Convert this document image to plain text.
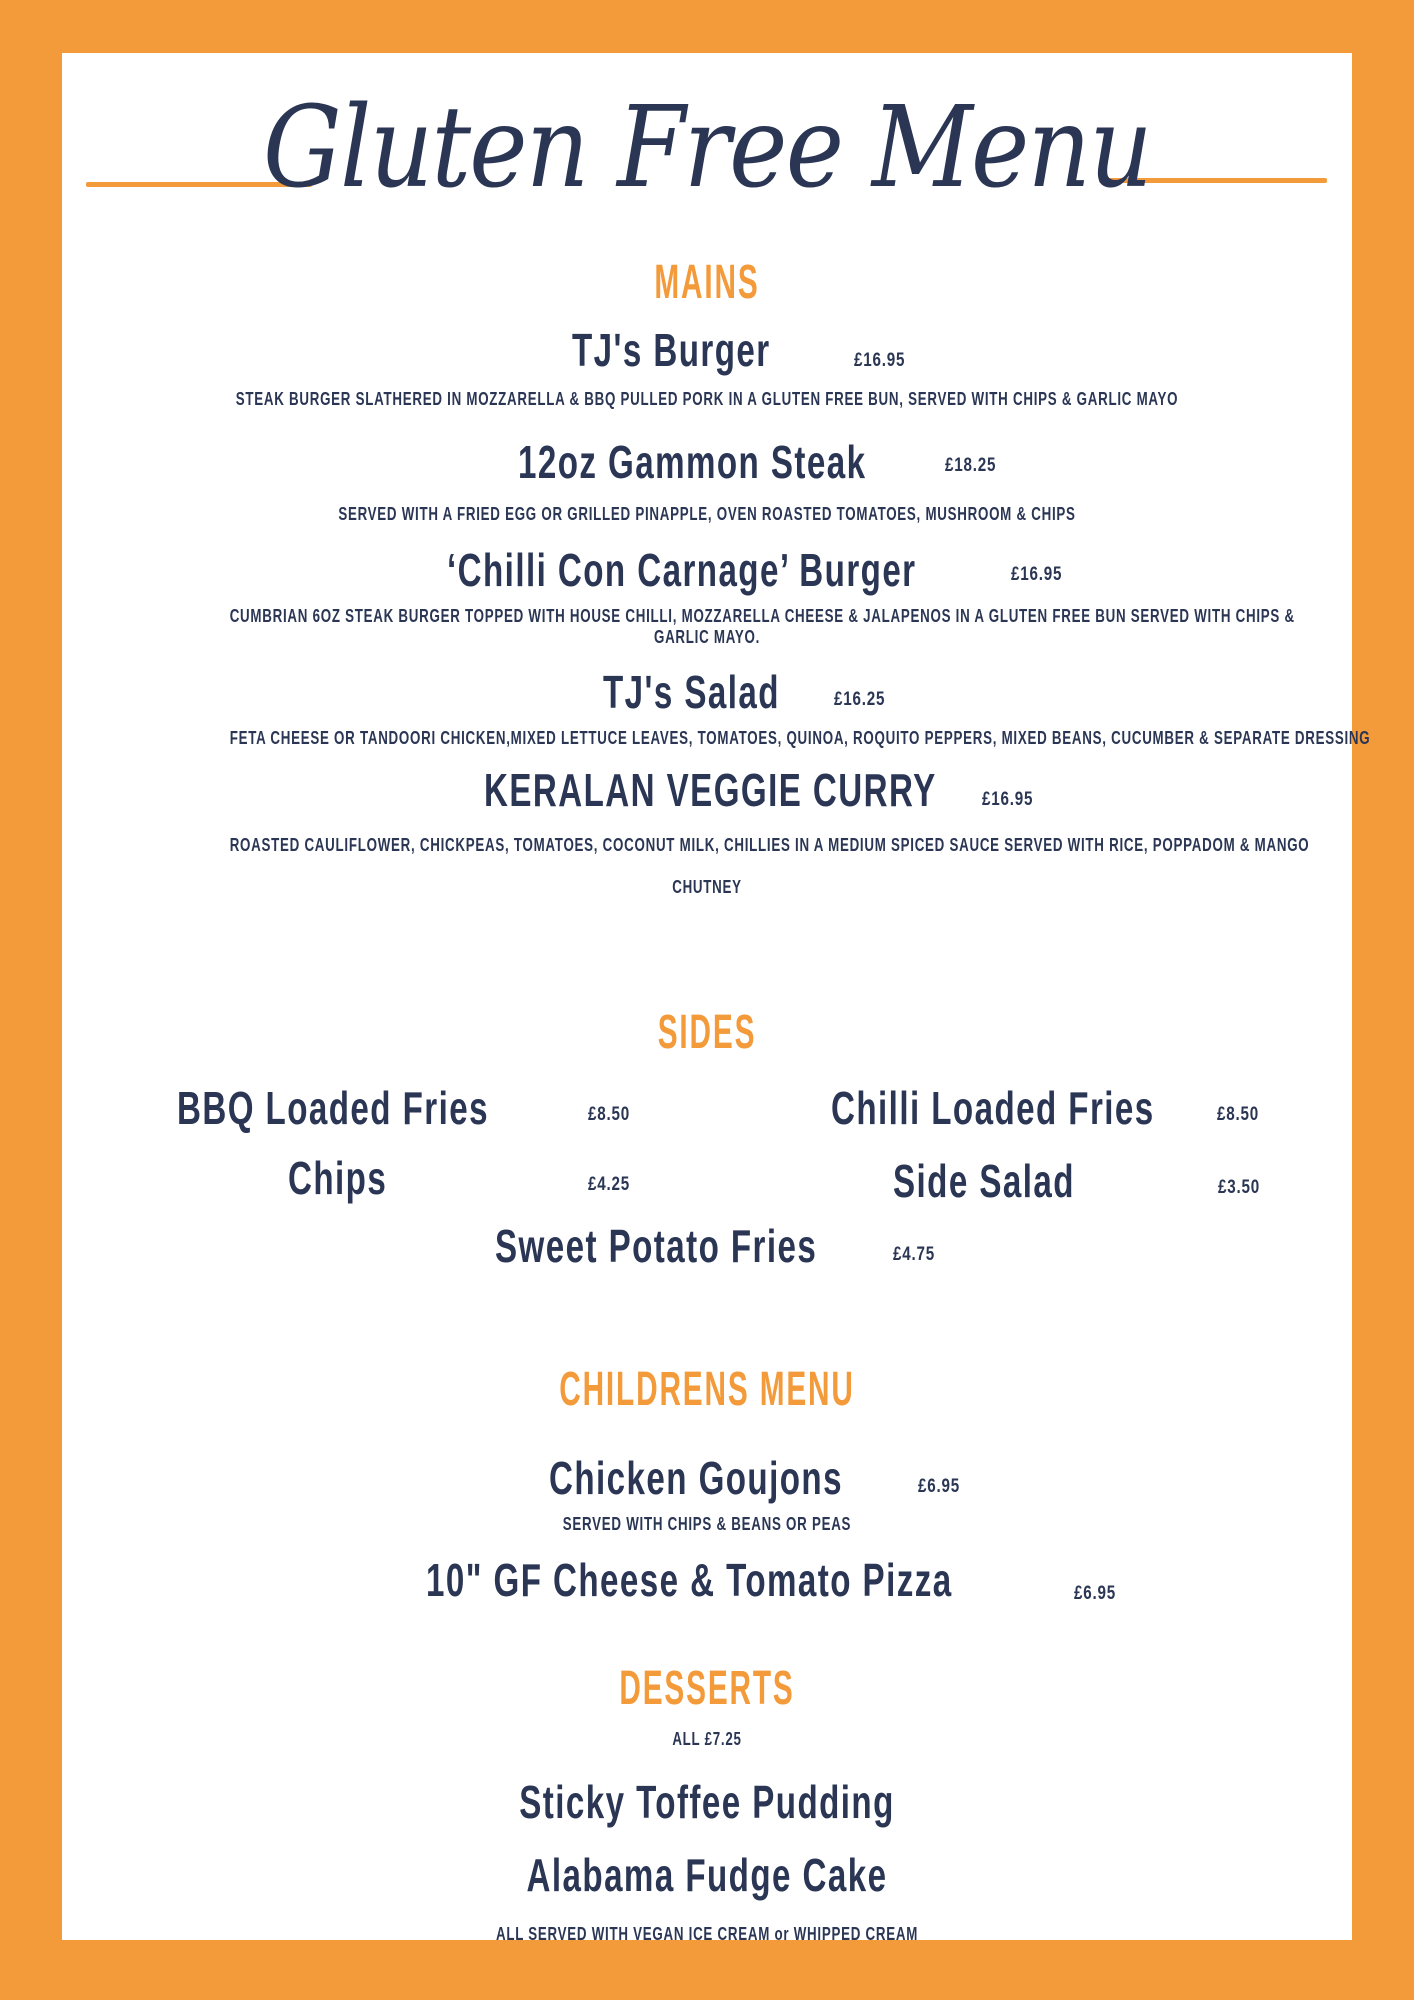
Gluten Free Menu
MAINS
TJ's Burger	£16.95
STEAK BURGER SLATHERED IN MOZZARELLA & BBQ PULLED PORK IN A GLUTEN FREE BUN, SERVED WITH CHIPS & GARLIC MAYO
12oz Gammon Steak	£18.25
SERVED WITH A FRIED EGG OR GRILLED PINAPPLE, OVEN ROASTED TOMATOES, MUSHROOM & CHIPS
‘Chilli Con Carnage’ Burger	£16.95
CUMBRIAN 6OZ STEAK BURGER TOPPED WITH HOUSE CHILLI, MOZZARELLA CHEESE & JALAPENOS IN A GLUTEN FREE BUN SERVED WITH CHIPS &
GARLIC MAYO.
TJ's Salad	£16.25
FETA CHEESE OR TANDOORI CHICKEN,MIXED LETTUCE LEAVES, TOMATOES, QUINOA, ROQUITO PEPPERS, MIXED BEANS, CUCUMBER & SEPARATE DRESSING
KERALAN VEGGIE CURRY £16.95
ROASTED CAULIFLOWER, CHICKPEAS, TOMATOES, COCONUT MILK, CHILLIES IN A MEDIUM SPICED SAUCE SERVED WITH RICE, POPPADOM & MANGO
CHUTNEY
SIDES
BBQ Loaded Fries	£8.50	Chilli Loaded Fries	£8.50
Chips	£4.25	Side Salad	£3.50
Sweet Potato Fries	£4.75
CHILDRENS MENU
Chicken Goujons	£6.95
SERVED WITH CHIPS & BEANS OR PEAS
10" GF Cheese & Tomato Pizza	£6.95
DESSERTS
ALL £7.25
Sticky Toffee Pudding
Alabama Fudge Cake
ALL SERVED WITH VEGAN ICE CREAM or WHIPPED CREAM
